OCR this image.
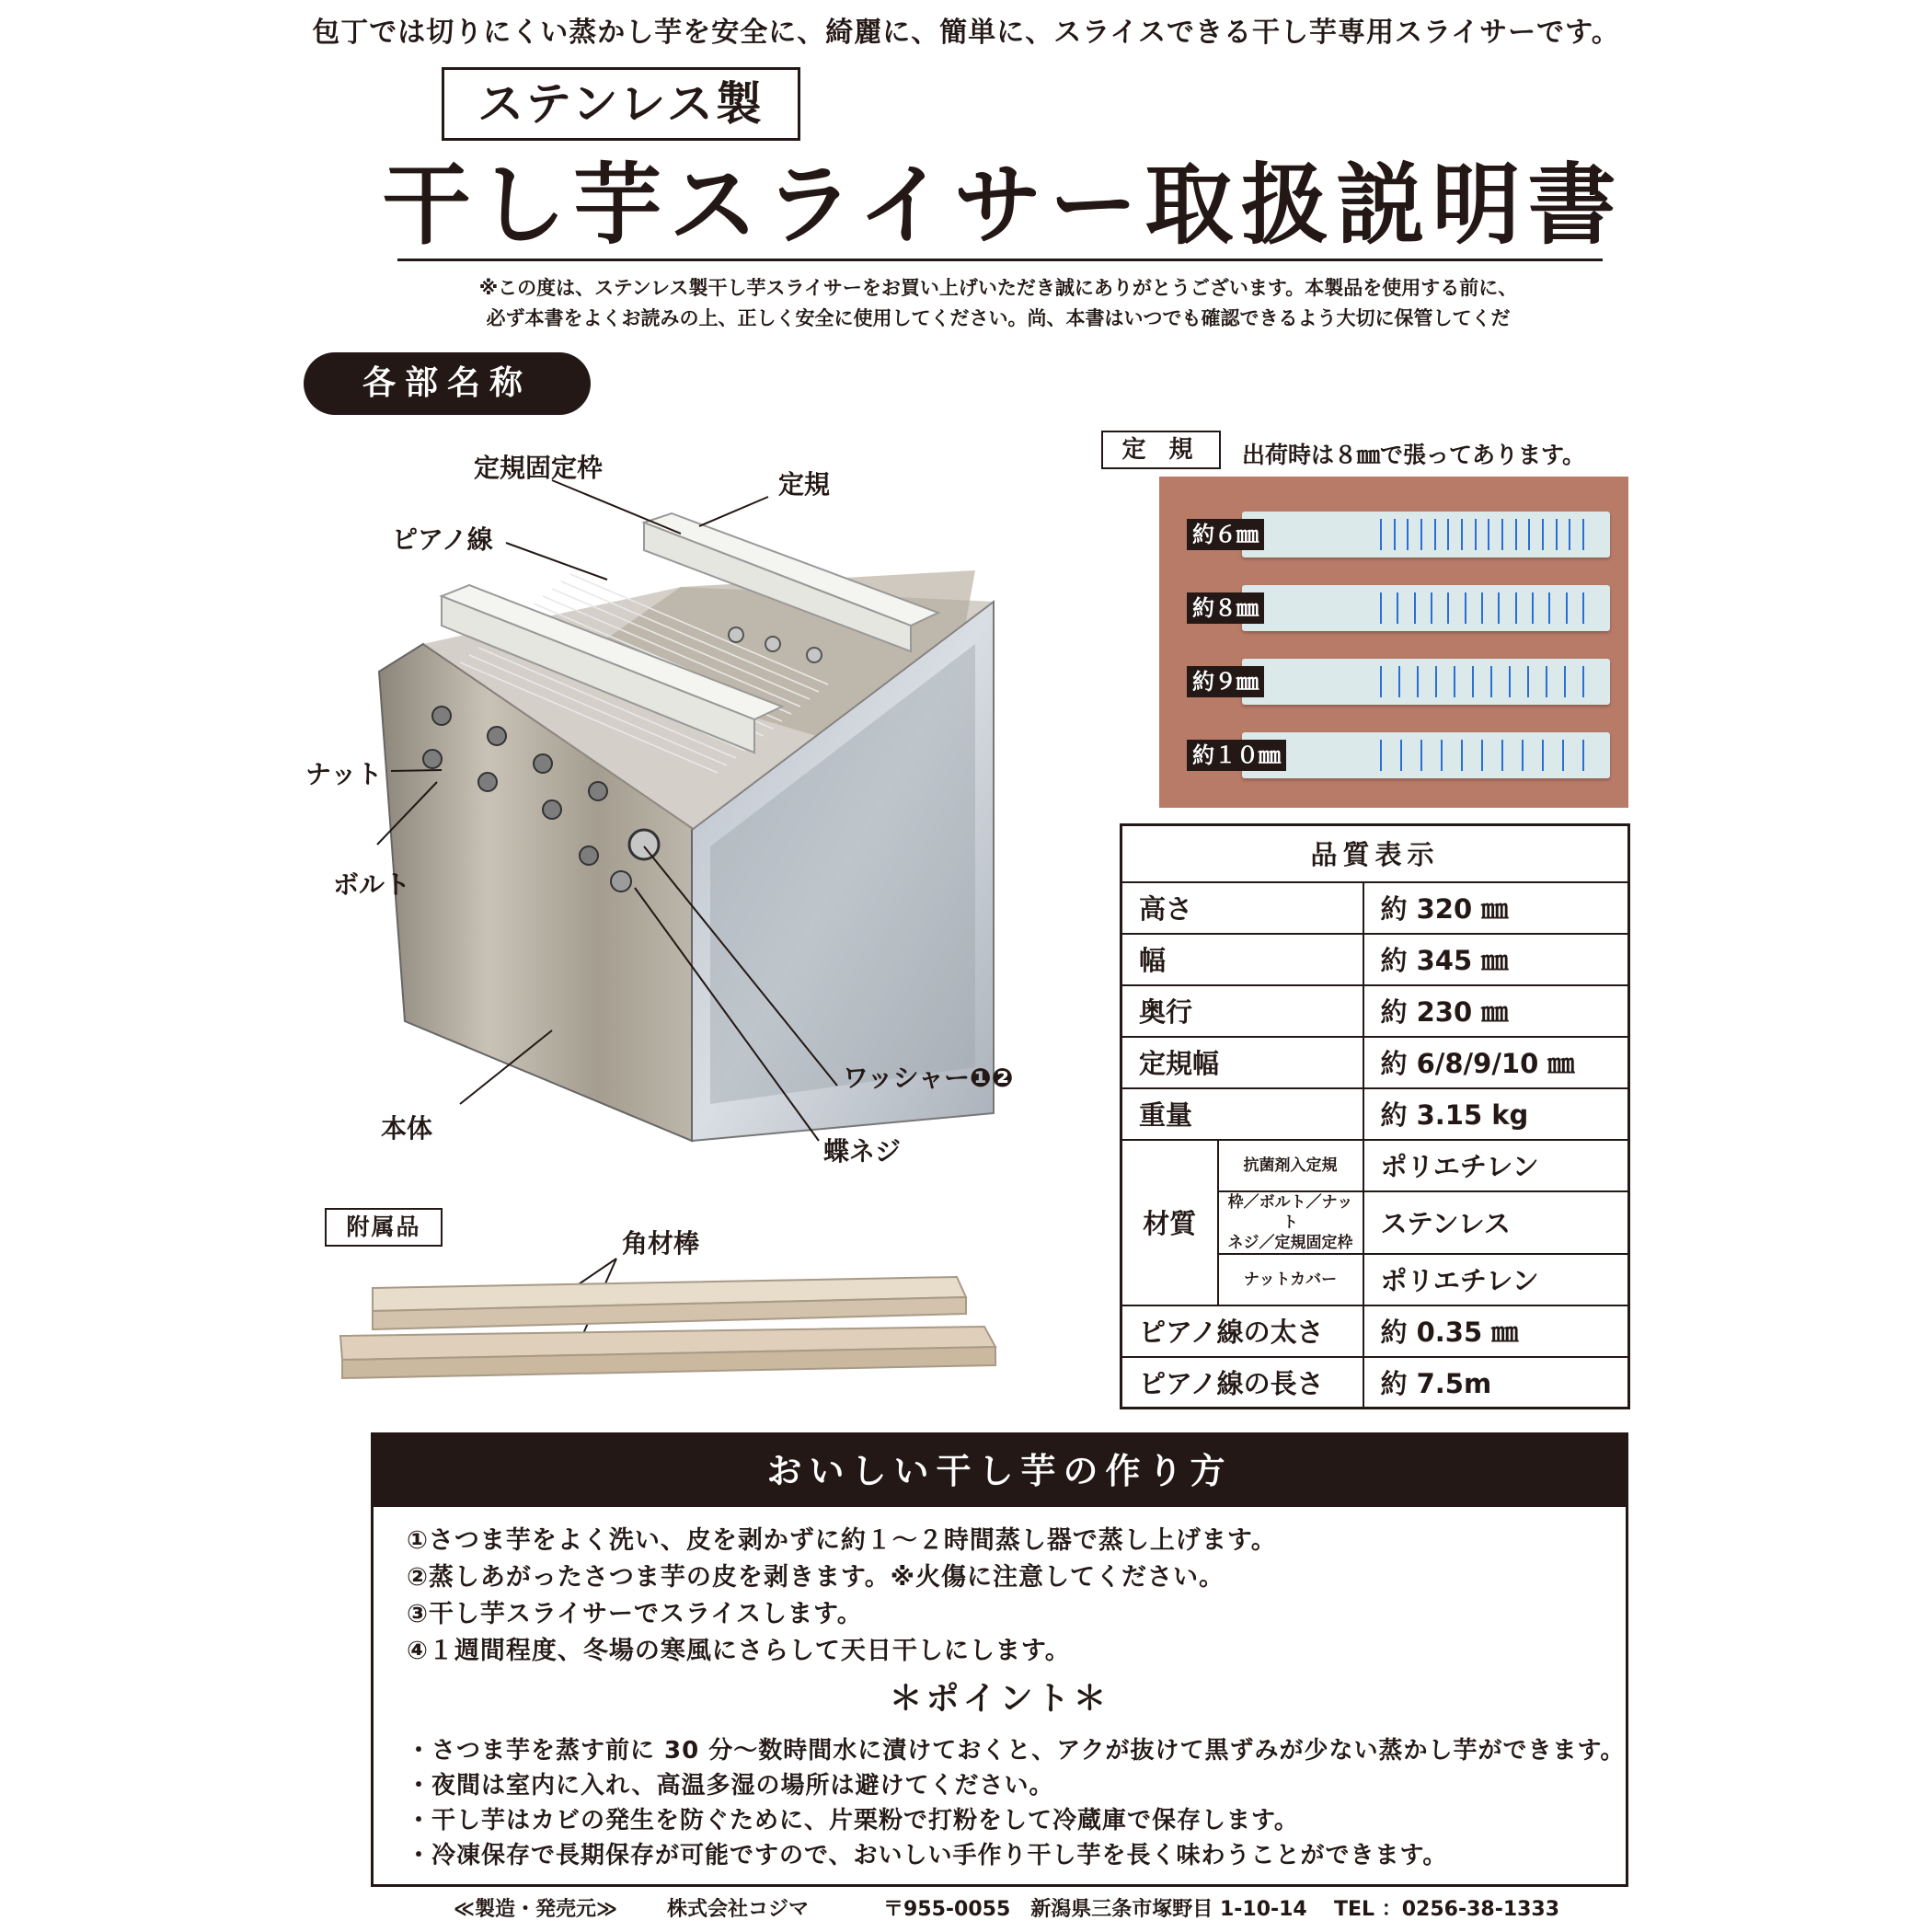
包丁では切りにくい蒸かし芋を安全に、綺麗に、簡単に、スライスできる干し芋専用スライサーです。
ステンレス製
干し芋スライサー取扱説明書
※この度は、ステンレス製干し芋スライサーをお買い上げいただき誠にありがとうございます。本製品を使用する前に、
必ず本書をよくお読みの上、正しく安全に使用してください。尚、本書はいつでも確認できるよう大切に保管してくだ
各部名称
定規固定枠
定規
ピアノ線
ナット
ボルト
ワッシャー❶❷
本体
蝶ネジ
定 規	出荷時は８㎜で張ってあります。
約６㎜
約８㎜
約９㎜
約１０㎜
品質表示		
高さ		約 320 ㎜
幅		約 345 ㎜
奥行		約 230 ㎜
定規幅		約 6/8/9/10 ㎜
重量		約 3.15 kg
材質	抗菌剤入定規	ポリエチレン
	枠／ボルト／ナット
ネジ／定規固定枠	ステンレス
	ナットカバー	ポリエチレン
ピアノ線の太さ		約 0.35 ㎜
ピアノ線の長さ		約 7.5m
附属品
角材棒
おいしい干し芋の作り方
①さつま芋をよく洗い、皮を剥かずに約１～２時間蒸し器で蒸し上げます。
②蒸しあがったさつま芋の皮を剥きます。※火傷に注意してください。
③干し芋スライサーでスライスします。
④１週間程度、冬場の寒風にさらして天日干しにします。
＊ポイント＊
・さつま芋を蒸す前に 30 分～数時間水に漬けておくと、アクが抜けて黒ずみが少ない蒸かし芋ができます。
・夜間は室内に入れ、高温多湿の場所は避けてください。
・干し芋はカビの発生を防ぐために、片栗粉で打粉をして冷蔵庫で保存します。
・冷凍保存で長期保存が可能ですので、おいしい手作り干し芋を長く味わうことができます。
≪製造・発売元≫ 株式会社コジマ	〒955-0055　新潟県三条市塚野目 1-10-14 TEL ：0256-38-1333
